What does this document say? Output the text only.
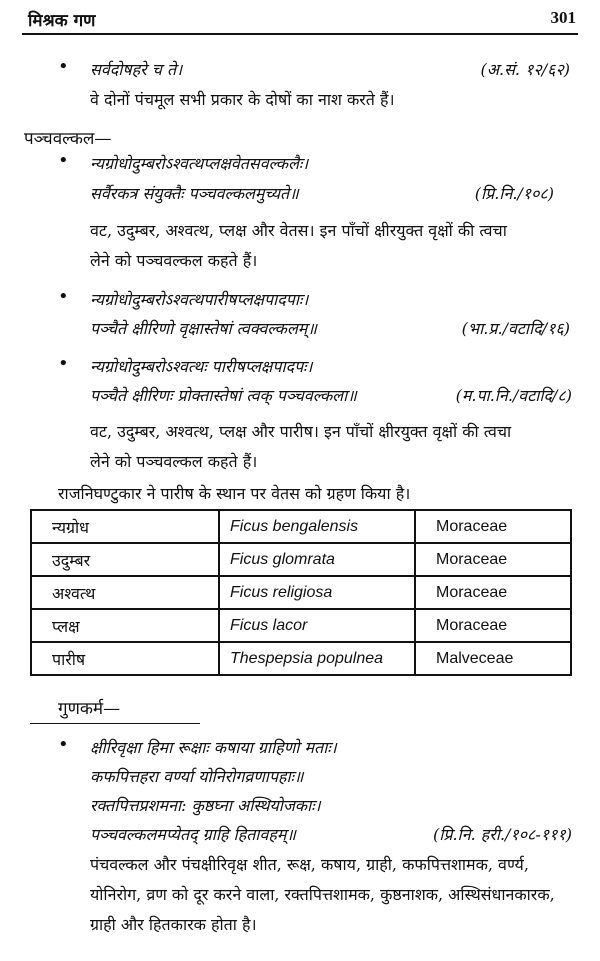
मिश्रक गण	301
• सर्वदोषहरे च ते।	(अ.सं. १२/६२)
वे दोनों पंचमूल सभी प्रकार के दोषों का नाश करते हैं।
पञ्चवल्कल—
• न्यग्रोधोदुम्बरोऽश्वत्थप्लक्षवेतसवल्कलैः।
सर्वैरकत्र संयुक्तैः पञ्चवल्कलमुच्यते॥	(प्रि.नि./१०८)
वट, उदुम्बर, अश्वत्थ, प्लक्ष और वेतस। इन पाँचों क्षीरयुक्त वृक्षों की त्वचा
लेने को पञ्चवल्कल कहते हैं।
• न्यग्रोधोदुम्बरोऽश्वत्थपारीषप्लक्षपादपाः।
पञ्चैते क्षीरिणो वृक्षास्तेषां त्वक्वल्कलम्॥	(भा.प्र./वटादि/१६)
• न्यग्रोधोदुम्बरोऽश्वत्थः पारीषप्लक्षपादपः।
पञ्चैते क्षीरिणः प्रोक्तास्तेषां त्वक् पञ्चवल्कला॥	(म.पा.नि./वटादि/८)
वट, उदुम्बर, अश्वत्थ, प्लक्ष और पारीष। इन पाँचों क्षीरयुक्त वृक्षों की त्वचा
लेने को पञ्चवल्कल कहते हैं।
राजनिघण्टुकार ने पारीष के स्थान पर वेतस को ग्रहण किया है।
न्यग्रोध	Ficus bengalensis	Moraceae
उदुम्बर	Ficus glomrata	Moraceae
अश्वत्थ	Ficus religiosa	Moraceae
प्लक्ष	Ficus lacor	Moraceae
पारीष	Thespepsia populnea	Malveceae
गुणकर्म—
• क्षीरिवृक्षा हिमा रूक्षाः कषाया ग्राहिणो मताः।
कफपित्तहरा वर्ण्या योनिरोगव्रणापहाः॥
रक्तपित्तप्रशमना: कुष्ठघ्ना अस्थियोजकाः।
पञ्चवल्कलमप्येतद् ग्राहि हितावहम्॥	(प्रि.नि. हरी./१०८-१११)
पंचवल्कल और पंचक्षीरिवृक्ष शीत, रूक्ष, कषाय, ग्राही, कफपित्तशामक, वर्ण्य,
योनिरोग, व्रण को दूर करने वाला, रक्तपित्तशामक, कुष्ठनाशक, अस्थिसंधानकारक,
ग्राही और हितकारक होता है।
